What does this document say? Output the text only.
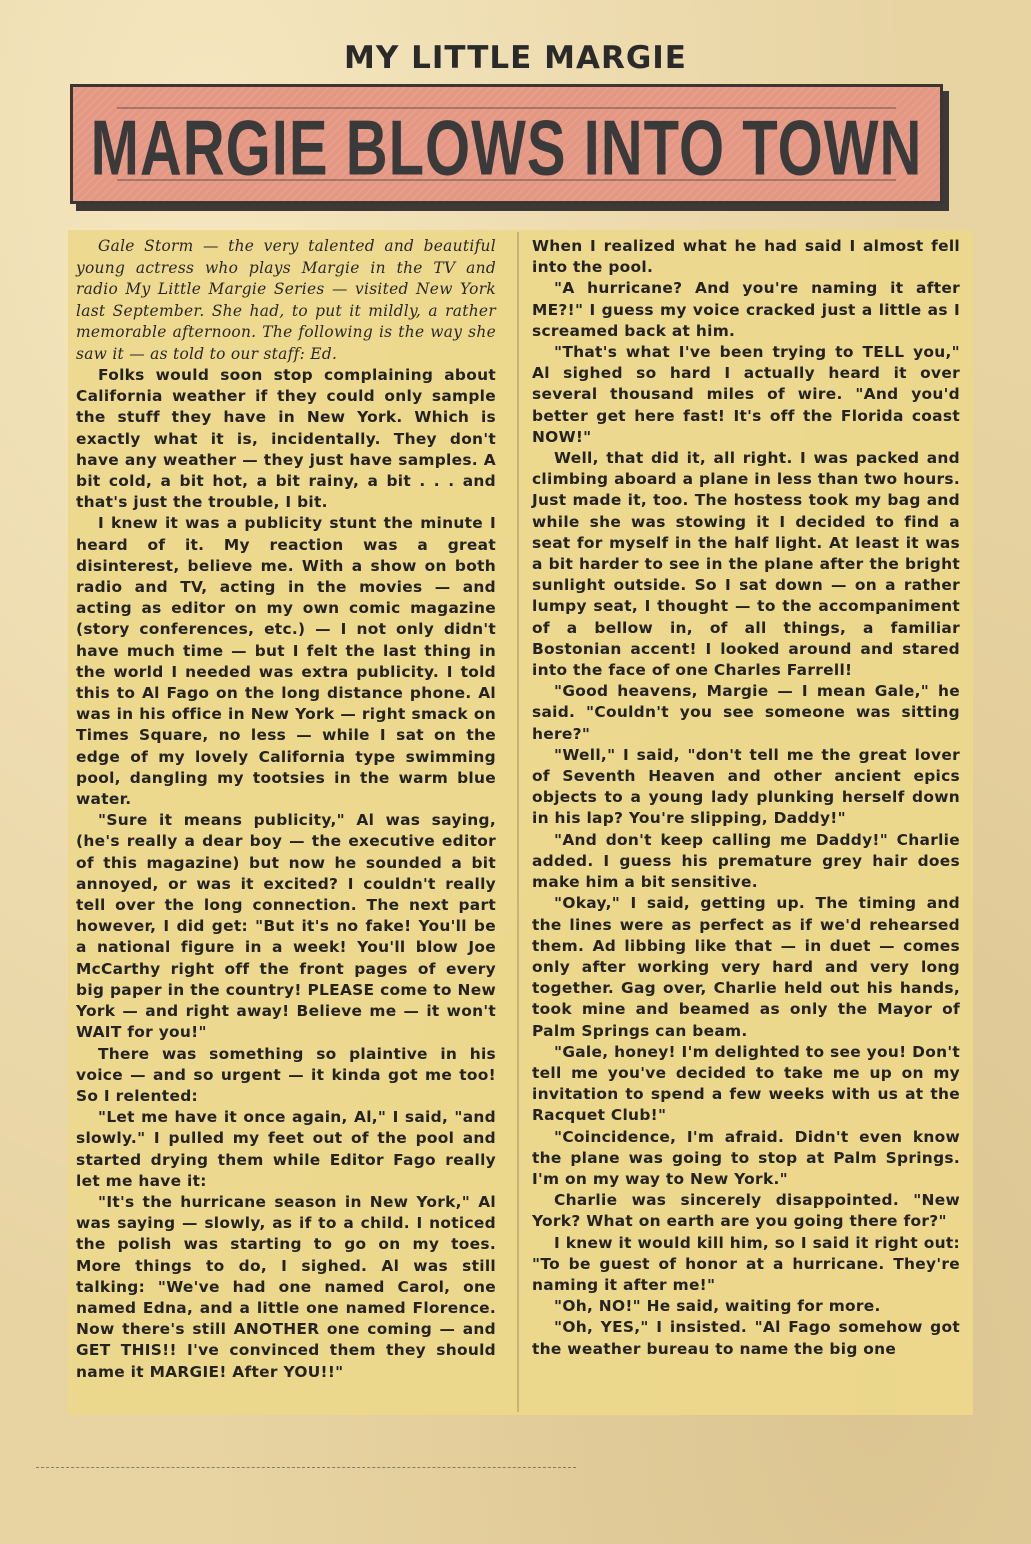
MY LITTLE MARGIE
MARGIE BLOWS INTO TOWN

Gale Storm — the very talented and beautiful young actress who plays Margie in the TV and radio My Little Margie Series — visited New York last September. She had, to put it mildly, a rather memorable afternoon. The following is the way she saw it — as told to our staff: Ed.

Folks would soon stop complaining about California weather if they could only sample the stuff they have in New York. Which is exactly what it is, incidentally. They don't have any weather — they just have samples. A bit cold, a bit hot, a bit rainy, a bit . . . and that's just the trouble, I bit.

I knew it was a publicity stunt the minute I heard of it. My reaction was a great disinterest, believe me. With a show on both radio and TV, acting in the movies — and acting as editor on my own comic magazine (story conferences, etc.) — I not only didn't have much time — but I felt the last thing in the world I needed was extra publicity. I told this to Al Fago on the long distance phone. Al was in his office in New York — right smack on Times Square, no less — while I sat on the edge of my lovely California type swimming pool, dangling my tootsies in the warm blue water.

"Sure it means publicity," Al was saying, (he's really a dear boy — the executive editor of this magazine) but now he sounded a bit annoyed, or was it excited? I couldn't really tell over the long connection. The next part however, I did get: "But it's no fake! You'll be a national figure in a week! You'll blow Joe McCarthy right off the front pages of every big paper in the country! PLEASE come to New York — and right away! Believe me — it won't WAIT for you!"

There was something so plaintive in his voice — and so urgent — it kinda got me too! So I relented:

"Let me have it once again, Al," I said, "and slowly." I pulled my feet out of the pool and started drying them while Editor Fago really let me have it:

"It's the hurricane season in New York," Al was saying — slowly, as if to a child. I noticed the polish was starting to go on my toes. More things to do, I sighed. Al was still talking: "We've had one named Carol, one named Edna, and a little one named Florence. Now there's still ANOTHER one coming — and GET THIS!! I've convinced them they should name it MARGIE! After YOU!!"

When I realized what he had said I almost fell into the pool.

"A hurricane? And you're naming it after ME?!" I guess my voice cracked just a little as I screamed back at him.

"That's what I've been trying to TELL you," Al sighed so hard I actually heard it over several thousand miles of wire. "And you'd better get here fast! It's off the Florida coast NOW!"

Well, that did it, all right. I was packed and climbing aboard a plane in less than two hours. Just made it, too. The hostess took my bag and while she was stowing it I decided to find a seat for myself in the half light. At least it was a bit harder to see in the plane after the bright sunlight outside. So I sat down — on a rather lumpy seat, I thought — to the accompaniment of a bellow in, of all things, a familiar Bostonian accent! I looked around and stared into the face of one Charles Farrell!

"Good heavens, Margie — I mean Gale," he said. "Couldn't you see someone was sitting here?"

"Well," I said, "don't tell me the great lover of Seventh Heaven and other ancient epics objects to a young lady plunking herself down in his lap? You're slipping, Daddy!"

"And don't keep calling me Daddy!" Charlie added. I guess his premature grey hair does make him a bit sensitive.

"Okay," I said, getting up. The timing and the lines were as perfect as if we'd rehearsed them. Ad libbing like that — in duet — comes only after working very hard and very long together. Gag over, Charlie held out his hands, took mine and beamed as only the Mayor of Palm Springs can beam.

"Gale, honey! I'm delighted to see you! Don't tell me you've decided to take me up on my invitation to spend a few weeks with us at the Racquet Club!"

"Coincidence, I'm afraid. Didn't even know the plane was going to stop at Palm Springs. I'm on my way to New York."

Charlie was sincerely disappointed. "New York? What on earth are you going there for?"

I knew it would kill him, so I said it right out: "To be guest of honor at a hurricane. They're naming it after me!"

"Oh, NO!" He said, waiting for more.

"Oh, YES," I insisted. "Al Fago somehow got the weather bureau to name the big one
